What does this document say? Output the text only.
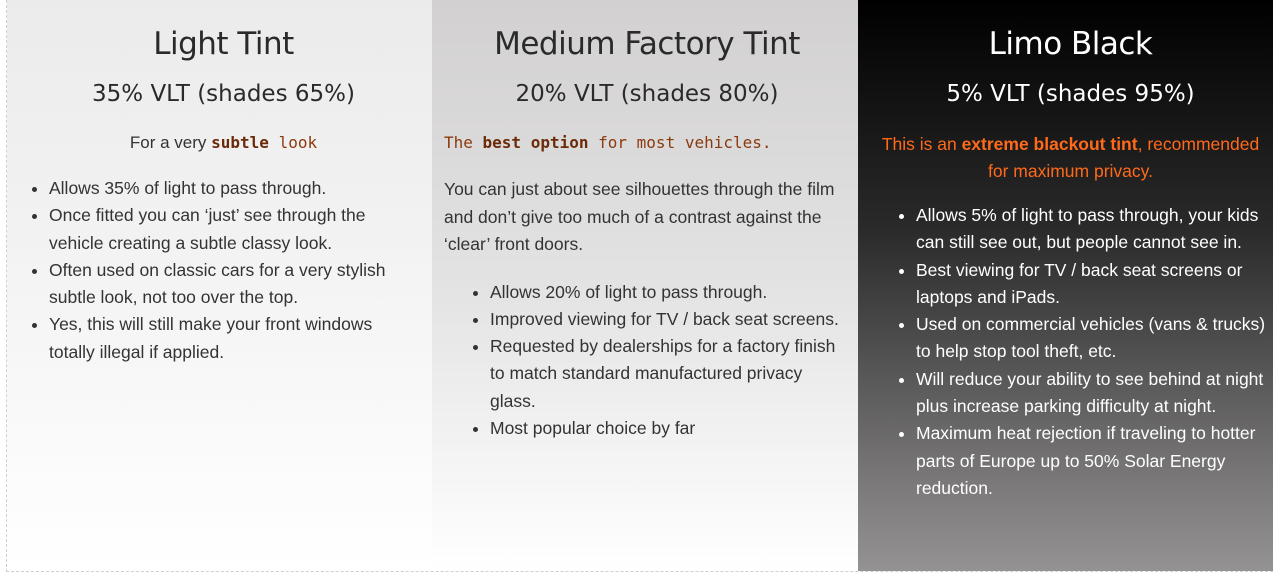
Light Tint
35% VLT (shades 65%)
For a very subtle look
• Allows 35% of light to pass through.
• Once fitted you can ‘just’ see through the vehicle creating a subtle classy look.
• Often used on classic cars for a very stylish subtle look, not too over the top.
• Yes, this will still make your front windows totally illegal if applied.
Medium Factory Tint
20% VLT (shades 80%)
The best option for most vehicles.
You can just about see silhouettes through the film and don’t give too much of a contrast against the ‘clear’ front doors.
• Allows 20% of light to pass through.
• Improved viewing for TV / back seat screens.
• Requested by dealerships for a factory finish to match standard manufactured privacy glass.
• Most popular choice by far
Limo Black
5% VLT (shades 95%)
This is an extreme blackout tint, recommended for maximum privacy.
• Allows 5% of light to pass through, your kids can still see out, but people cannot see in.
• Best viewing for TV / back seat screens or laptops and iPads.
• Used on commercial vehicles (vans & trucks) to help stop tool theft, etc.
• Will reduce your ability to see behind at night plus increase parking difficulty at night.
• Maximum heat rejection if traveling to hotter parts of Europe up to 50% Solar Energy reduction.
